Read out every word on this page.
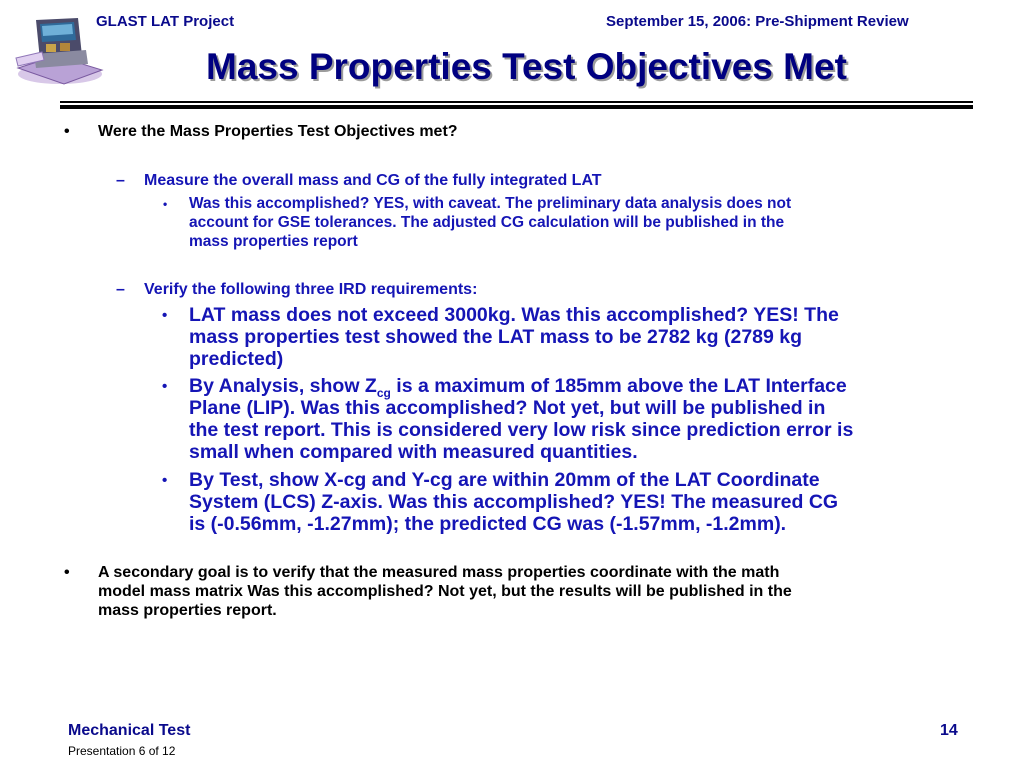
GLAST LAT Project	September 15, 2006: Pre-Shipment Review
Mass Properties Test Objectives Met
• Were the Mass Properties Test Objectives met?
– Measure the overall mass and CG of the fully integrated LAT
• Was this accomplished? YES, with caveat. The preliminary data analysis does not
account for GSE tolerances. The adjusted CG calculation will be published in the
mass properties report
– Verify the following three IRD requirements:
• LAT mass does not exceed 3000kg. Was this accomplished? YES! The
mass properties test showed the LAT mass to be 2782 kg (2789 kg
predicted)
• By Analysis, show $Z_{cg}$ is a maximum of 185mm above the LAT Interface
Plane (LIP). Was this accomplished? Not yet, but will be published in
the test report. This is considered very low risk since prediction error is
small when compared with measured quantities.
• By Test, show X-cg and Y-cg are within 20mm of the LAT Coordinate
System (LCS) Z-axis. Was this accomplished? YES! The measured CG
is (-0.56mm, -1.27mm); the predicted CG was (-1.57mm, -1.2mm).
• A secondary goal is to verify that the measured mass properties coordinate with the math
model mass matrix Was this accomplished? Not yet, but the results will be published in the
mass properties report.
Mechanical Test
Presentation 6 of 12
14
